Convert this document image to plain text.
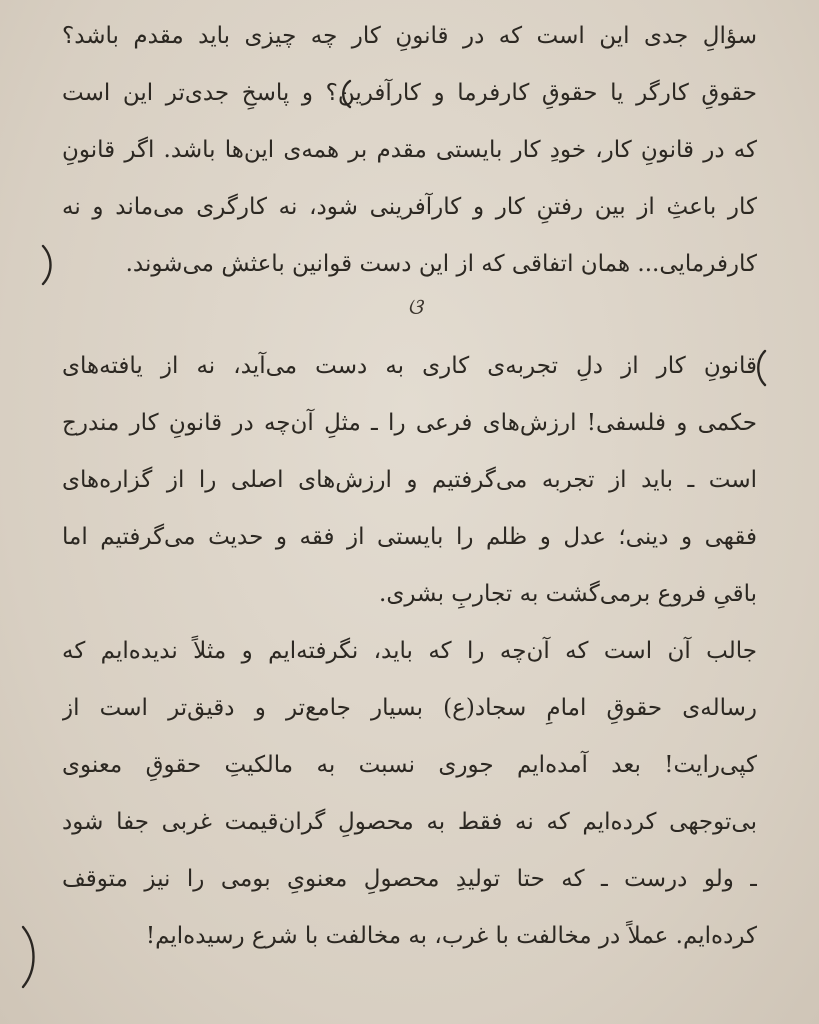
سؤالِ جدی این است که در قانونِ کار چه چیزی باید مقدم باشد؟
حقوقِ کارگر یا حقوقِ کارفرما و کارآفرین؟ و پاسخِ جدی‌تر این است
که در قانونِ کار، خودِ کار بایستی مقدم بر همه‌ی این‌ها باشد. اگر قانونِ
کار باعثِ از بین رفتنِ کار و کارآفرینی شود، نه کارگری می‌ماند و نه
کارفرمایی... همان اتفاقی که از این دست قوانین باعثش می‌شوند.
ଓ
قانونِ کار از دلِ تجربه‌ی کاری به دست می‌آید، نه از یافته‌های
حکمی و فلسفی! ارزش‌های فرعی را ـ مثلِ آن‌چه در قانونِ کار مندرج
است ـ باید از تجربه می‌گرفتیم و ارزش‌های اصلی را از گزاره‌های
فقهی و دینی؛ عدل و ظلم را بایستی از فقه و حدیث می‌گرفتیم اما
باقیِ فروع برمی‌گشت به تجاربِ بشری.
جالب آن است که آن‌چه را که باید، نگرفته‌ایم و مثلاً ندیده‌ایم که
رساله‌ی حقوقِ امامِ سجاد(ع) بسیار جامع‌تر و دقیق‌تر است از
کپی‌رایت! بعد آمده‌ایم جوری نسبت به مالکیتِ حقوقِ معنوی
بی‌توجهی کرده‌ایم که نه فقط به محصولِ گران‌قیمت غربی جفا شود
ـ ولو درست ـ که حتا تولیدِ محصولِ معنویِ بومی را نیز متوقف
کرده‌ایم. عملاً در مخالفت با غرب، به مخالفت با شرع رسیده‌ایم!
